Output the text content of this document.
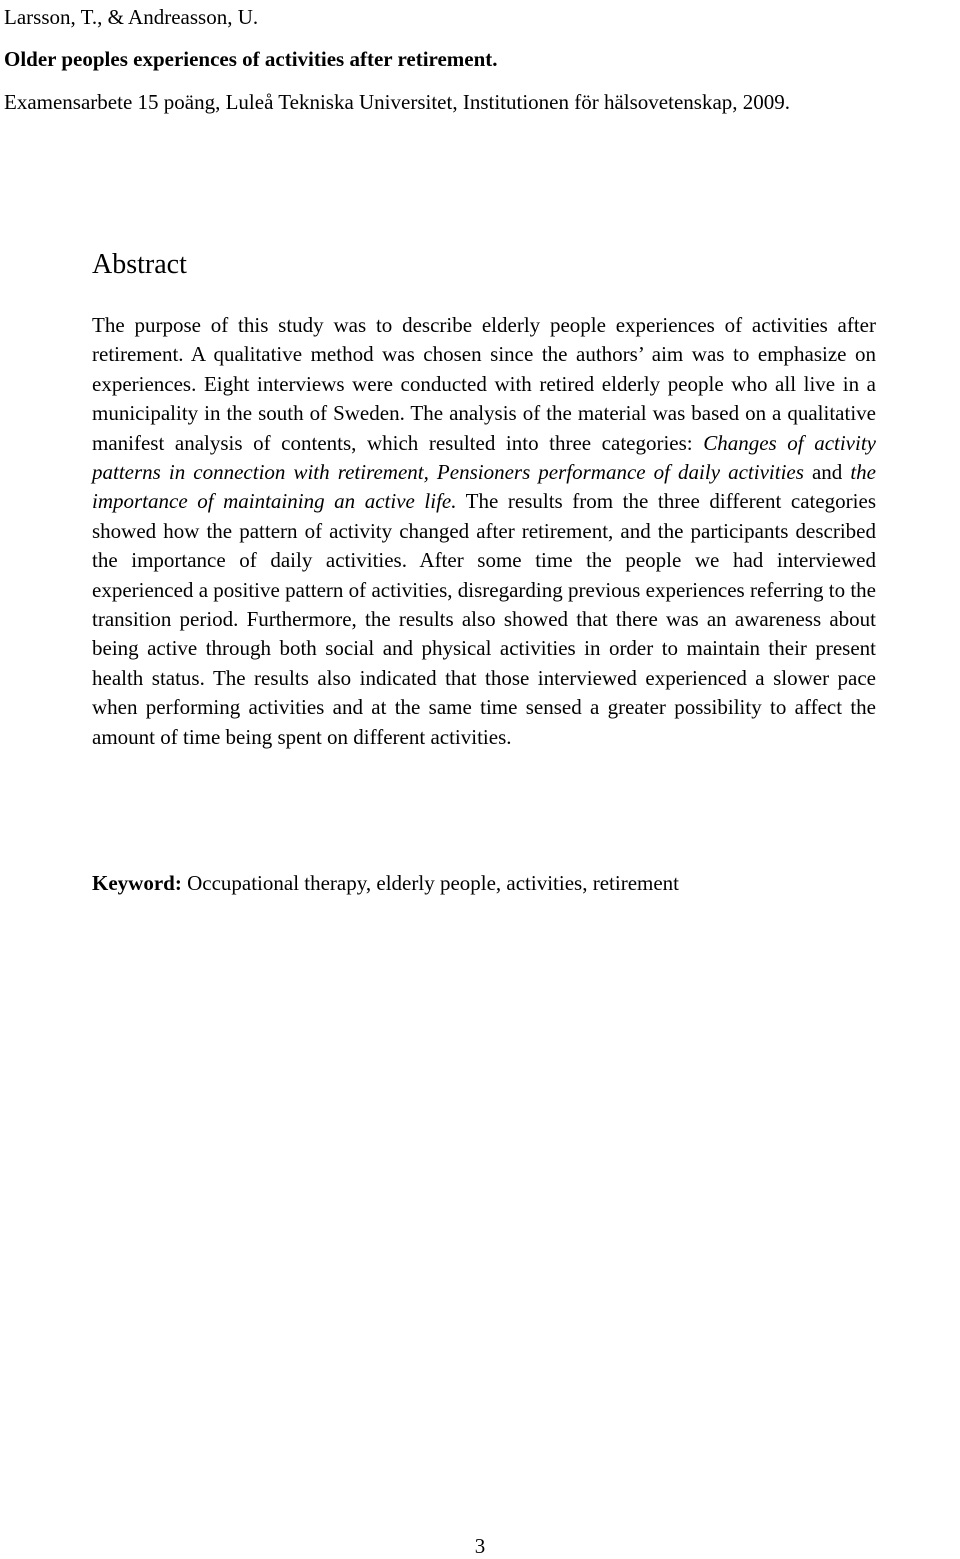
Larsson, T., & Andreasson, U.

Older peoples experiences of activities after retirement.

Examensarbete 15 poäng, Luleå Tekniska Universitet, Institutionen för hälsovetenskap, 2009.

Abstract

The purpose of this study was to describe elderly people experiences of activities after retirement. A qualitative method was chosen since the authors’ aim was to emphasize on experiences. Eight interviews were conducted with retired elderly people who all live in a municipality in the south of Sweden. The analysis of the material was based on a qualitative manifest analysis of contents, which resulted into three categories: Changes of activity patterns in connection with retirement, Pensioners performance of daily activities and the importance of maintaining an active life. The results from the three different categories showed how the pattern of activity changed after retirement, and the participants described the importance of daily activities. After some time the people we had interviewed experienced a positive pattern of activities, disregarding previous experiences referring to the transition period. Furthermore, the results also showed that there was an awareness about being active through both social and physical activities in order to maintain their present health status. The results also indicated that those interviewed experienced a slower pace when performing activities and at the same time sensed a greater possibility to affect the amount of time being spent on different activities.

Keyword: Occupational therapy, elderly people, activities, retirement

3
